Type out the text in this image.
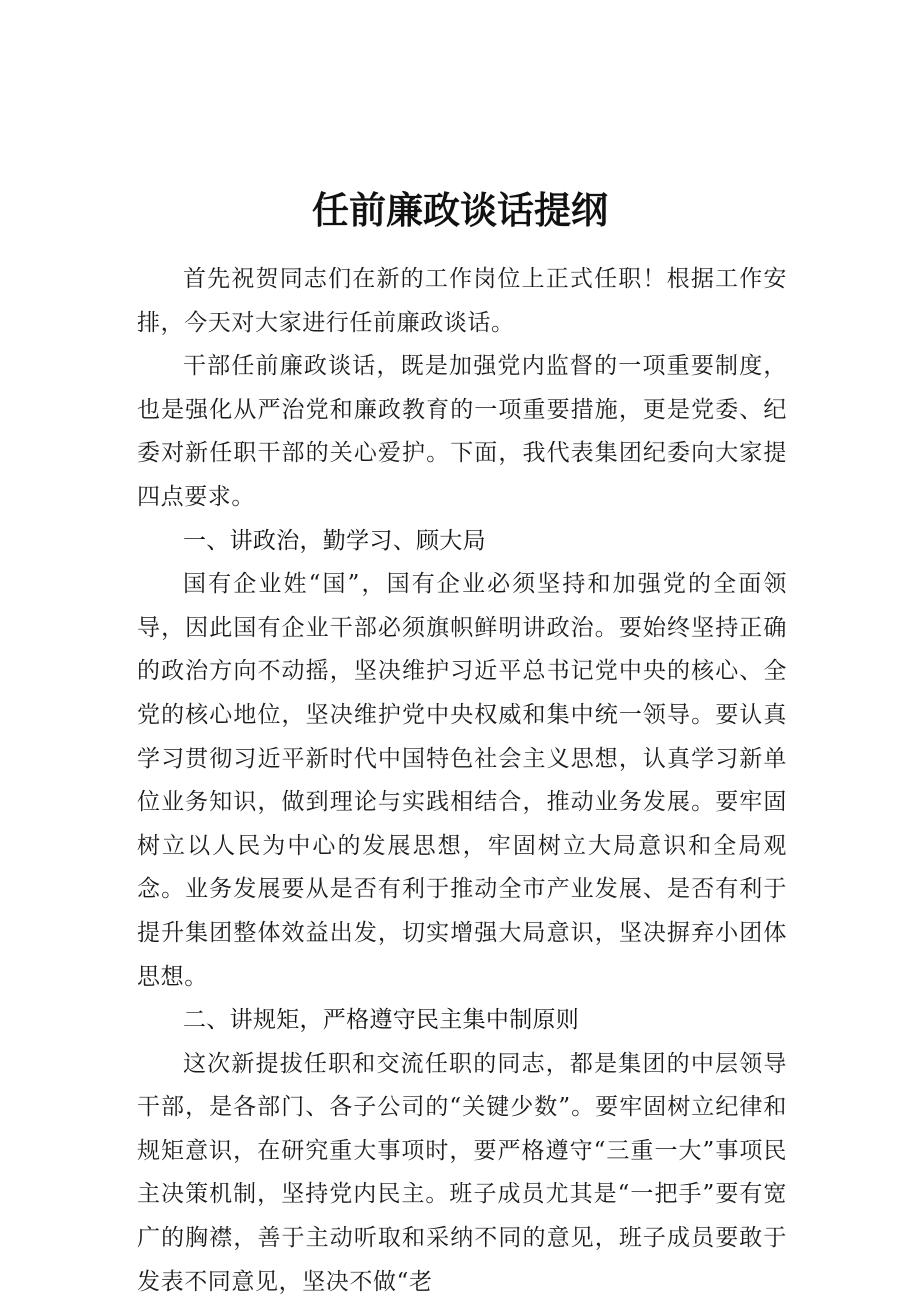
任前廉政谈话提纲

首先祝贺同志们在新的工作岗位上正式任职！根据工作安排，今天对大家进行任前廉政谈话。

干部任前廉政谈话，既是加强党内监督的一项重要制度，也是强化从严治党和廉政教育的一项重要措施，更是党委、纪委对新任职干部的关心爱护。下面，我代表集团纪委向大家提四点要求。

一、讲政治，勤学习、顾大局

国有企业姓“国”，国有企业必须坚持和加强党的全面领导，因此国有企业干部必须旗帜鲜明讲政治。要始终坚持正确的政治方向不动摇，坚决维护习近平总书记党中央的核心、全党的核心地位，坚决维护党中央权威和集中统一领导。要认真学习贯彻习近平新时代中国特色社会主义思想，认真学习新单位业务知识，做到理论与实践相结合，推动业务发展。要牢固树立以人民为中心的发展思想，牢固树立大局意识和全局观念。业务发展要从是否有利于推动全市产业发展、是否有利于提升集团整体效益出发，切实增强大局意识，坚决摒弃小团体思想。

二、讲规矩，严格遵守民主集中制原则

这次新提拔任职和交流任职的同志，都是集团的中层领导干部，是各部门、各子公司的“关键少数”。要牢固树立纪律和规矩意识，在研究重大事项时，要严格遵守“三重一大”事项民主决策机制，坚持党内民主。班子成员尤其是“一把手”要有宽广的胸襟，善于主动听取和采纳不同的意见，班子成员要敢于发表不同意见，坚决不做“老
